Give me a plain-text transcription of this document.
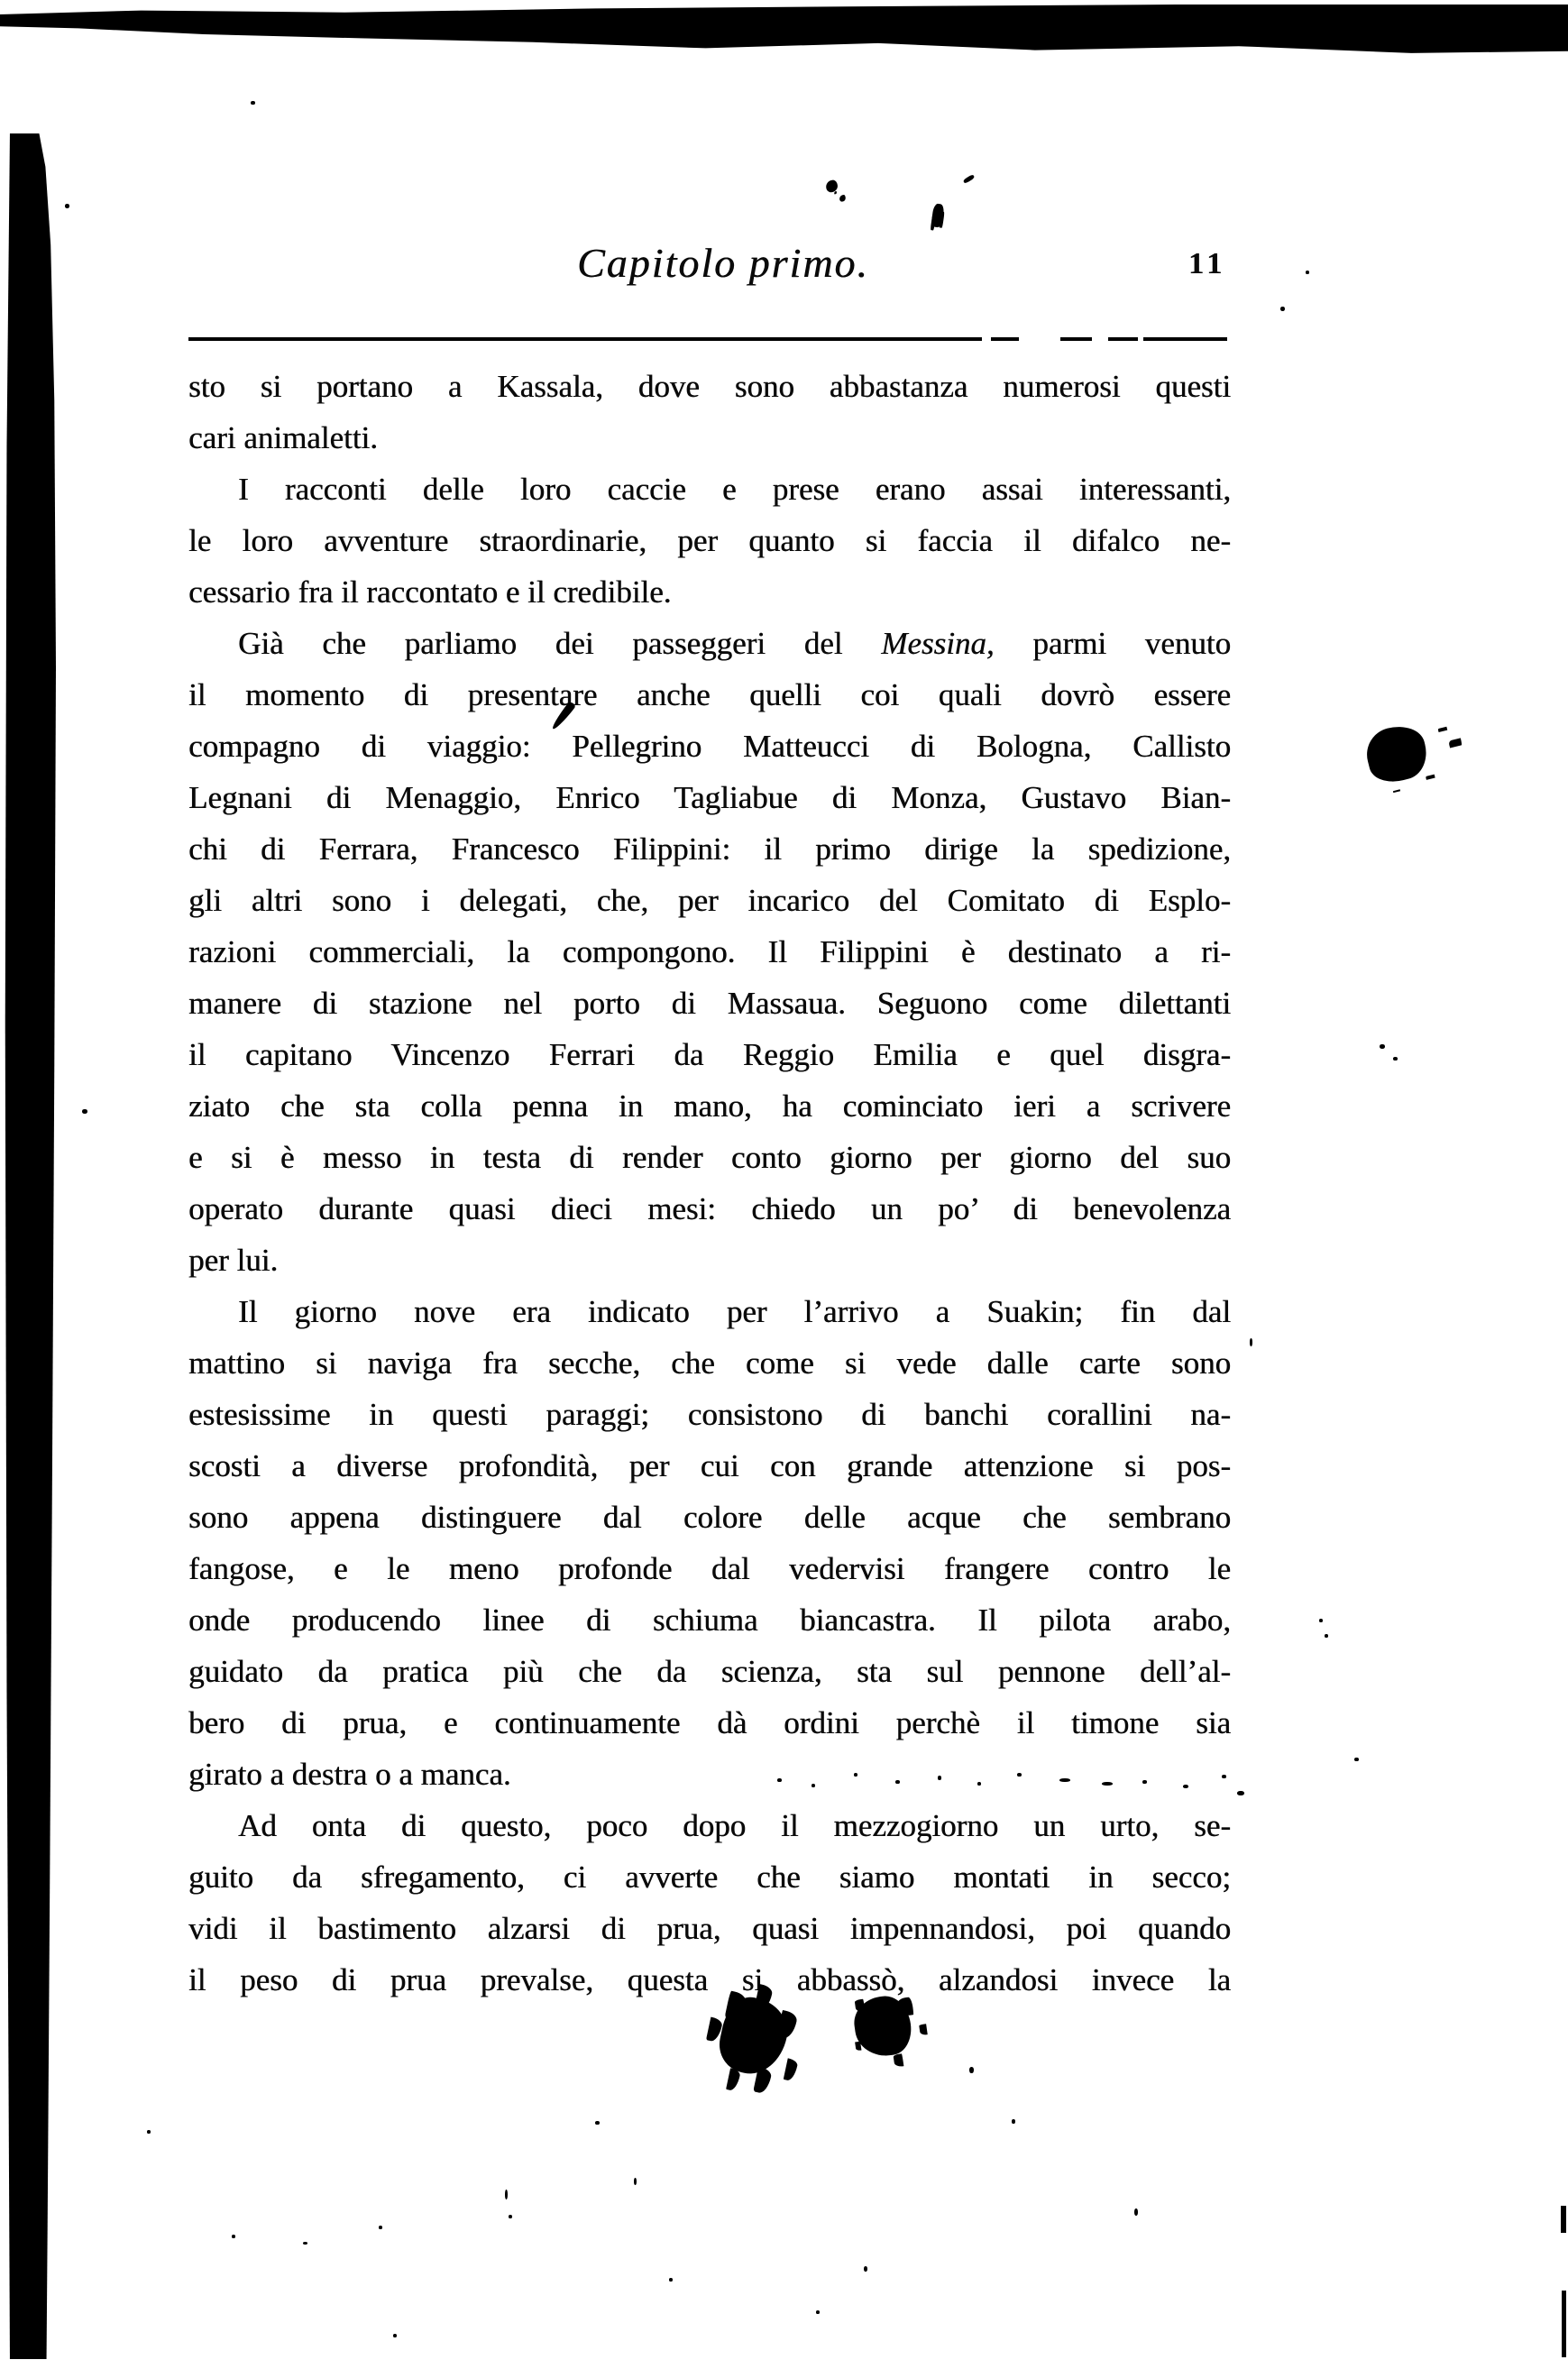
Capitolo primo.	11
sto si portano a Kassala, dove sono abbastanza numerosi questi
cari animaletti.
I racconti delle loro caccie e prese erano assai interessanti,
le loro avventure straordinarie, per quanto si faccia il difalco ne-
cessario fra il raccontato e il credibile.
Già che parliamo dei passeggeri del Messina, parmi venuto
il momento di presentare anche quelli coi quali dovrò essere
compagno di viaggio: Pellegrino Matteucci di Bologna, Callisto
Legnani di Menaggio, Enrico Tagliabue di Monza, Gustavo Bian-
chi di Ferrara, Francesco Filippini: il primo dirige la spedizione,
gli altri sono i delegati, che, per incarico del Comitato di Esplo-
razioni commerciali, la compongono. Il Filippini è destinato a ri-
manere di stazione nel porto di Massaua. Seguono come dilettanti
il capitano Vincenzo Ferrari da Reggio Emilia e quel disgra-
ziato che sta colla penna in mano, ha cominciato ieri a scrivere
e si è messo in testa di render conto giorno per giorno del suo
operato durante quasi dieci mesi: chiedo un po’ di benevolenza
per lui.
Il giorno nove era indicato per l’arrivo a Suakin; fin dal
mattino si naviga fra secche, che come si vede dalle carte sono
estesissime in questi paraggi; consistono di banchi corallini na-
scosti a diverse profondità, per cui con grande attenzione si pos-
sono appena distinguere dal colore delle acque che sembrano
fangose, e le meno profonde dal vedervisi frangere contro le
onde producendo linee di schiuma biancastra. Il pilota arabo,
guidato da pratica più che da scienza, sta sul pennone dell’al-
bero di prua, e continuamente dà ordini perchè il timone sia
girato a destra o a manca.
Ad onta di questo, poco dopo il mezzogiorno un urto, se-
guito da sfregamento, ci avverte che siamo montati in secco;
vidi il bastimento alzarsi di prua, quasi impennandosi, poi quando
il peso di prua prevalse, questa si abbassò, alzandosi invece la
